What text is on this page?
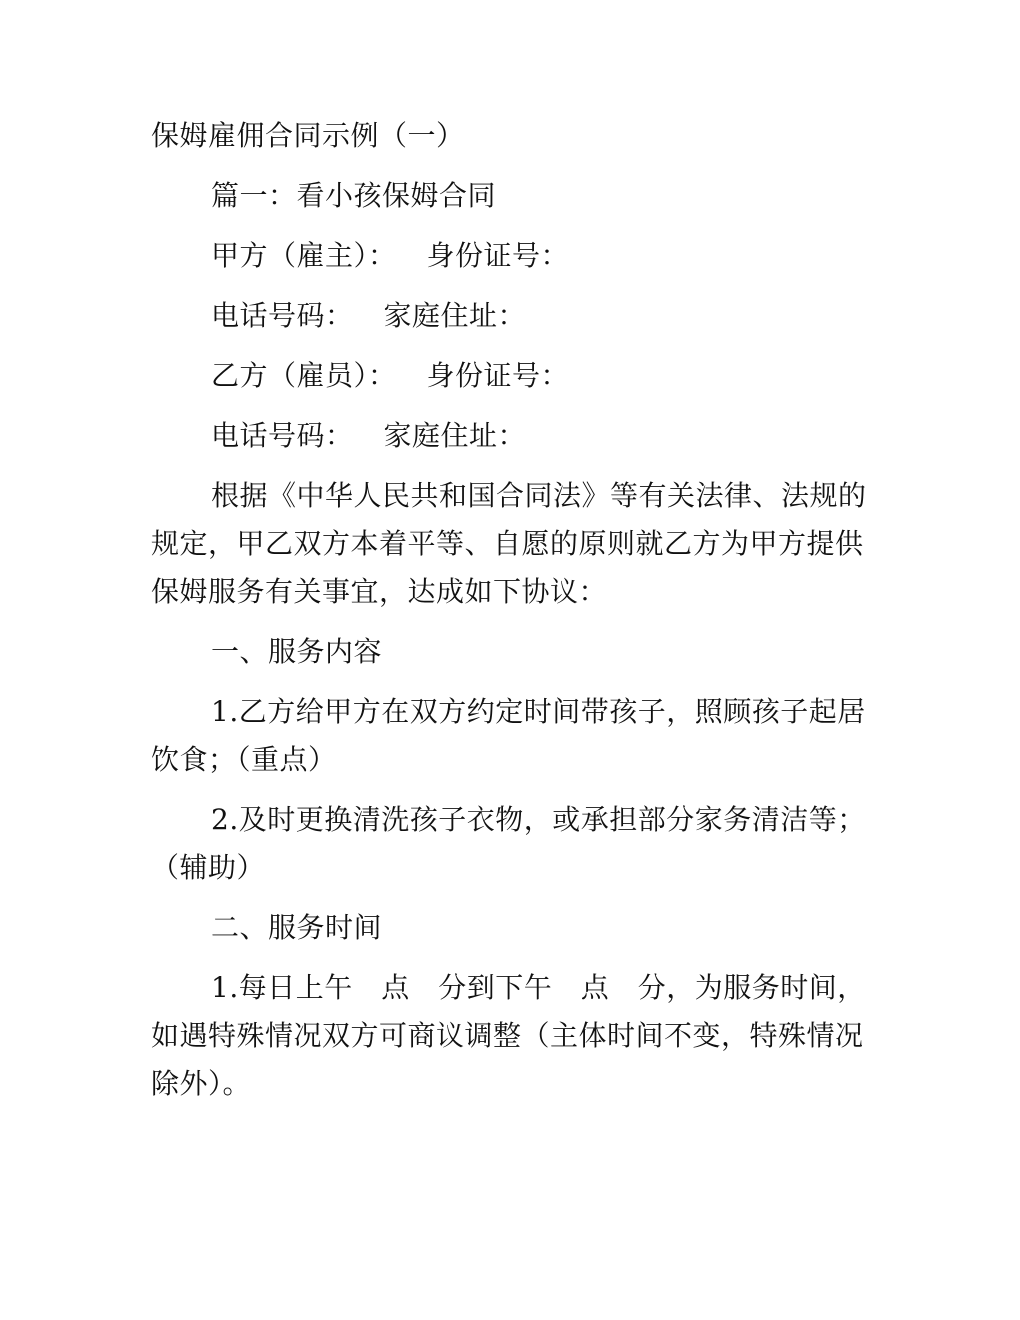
保姆雇佣合同示例（一）

篇一：看小孩保姆合同

甲方（雇主）： 身份证号：

电话号码： 家庭住址：

乙方（雇员）： 身份证号：

电话号码： 家庭住址：

根据《中华人民共和国合同法》等有关法律、法规的规定，甲乙双方本着平等、自愿的原则就乙方为甲方提供保姆服务有关事宜，达成如下协议：

一、服务内容

1.乙方给甲方在双方约定时间带孩子，照顾孩子起居饮食；（重点）

2.及时更换清洗孩子衣物，或承担部分家务清洁等；（辅助）

二、服务时间

1.每日上午　点　分到下午　点　分，为服务时间，如遇特殊情况双方可商议调整（主体时间不变，特殊情况除外）。
